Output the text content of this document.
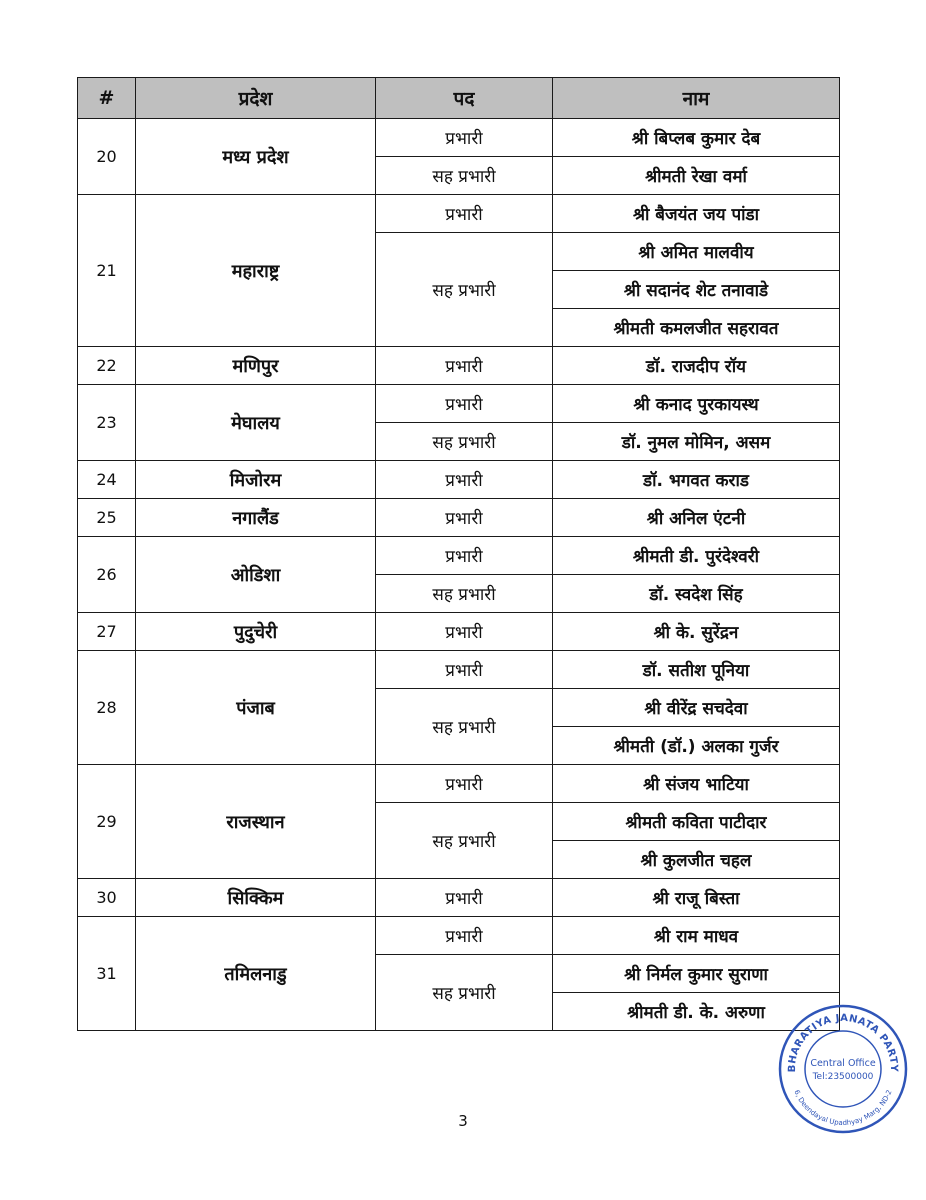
#	प्रदेश	पद	नाम
20	मध्य प्रदेश	प्रभारी	श्री बिप्लब कुमार देब
		सह प्रभारी	श्रीमती रेखा वर्मा
21	महाराष्ट्र	प्रभारी	श्री बैजयंत जय पांडा
		सह प्रभारी	श्री अमित मालवीय
			श्री सदानंद शेट तनावाडे
			श्रीमती कमलजीत सहरावत
22	मणिपुर	प्रभारी	डॉ. राजदीप रॉय
23	मेघालय	प्रभारी	श्री कनाद पुरकायस्थ
		सह प्रभारी	डॉ. नुमल मोमिन, असम
24	मिजोरम	प्रभारी	डॉ. भगवत कराड
25	नगालैंड	प्रभारी	श्री अनिल एंटनी
26	ओडिशा	प्रभारी	श्रीमती डी. पुरंदेश्वरी
		सह प्रभारी	डॉ. स्वदेश सिंह
27	पुदुचेरी	प्रभारी	श्री के. सुरेंद्रन
28	पंजाब	प्रभारी	डॉ. सतीश पूनिया
		सह प्रभारी	श्री वीरेंद्र सचदेवा
			श्रीमती (डॉ.) अलका गुर्जर
29	राजस्थान	प्रभारी	श्री संजय भाटिया
		सह प्रभारी	श्रीमती कविता पाटीदार
			श्री कुलजीत चहल
30	सिक्किम	प्रभारी	श्री राजू बिस्ता
31	तमिलनाडु	प्रभारी	श्री राम माधव
		सह प्रभारी	श्री निर्मल कुमार सुराणा
			श्रीमती डी. के. अरुणा
3
BHARATIYA JANATA PARTY
6, Deendayal Upadhyay Marg, ND-2
Central Office
Tel:23500000
